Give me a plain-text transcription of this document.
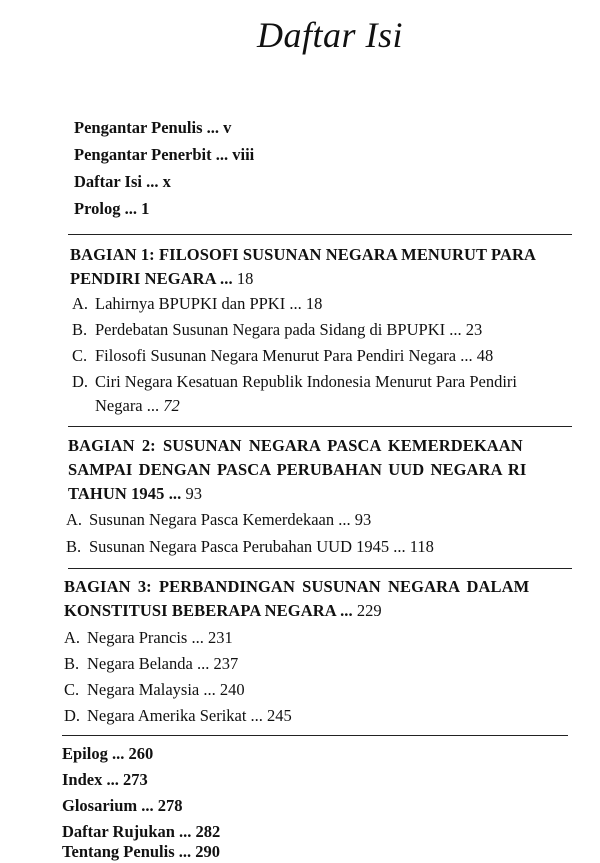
Daftar Isi
Pengantar Penulis ... v
Pengantar Penerbit ... viii
Daftar Isi ... x
Prolog ... 1
BAGIAN 1: FILOSOFI SUSUNAN NEGARA MENURUT PARA
PENDIRI NEGARA ... 18
A. Lahirnya BPUPKI dan PPKI ... 18
B. Perdebatan Susunan Negara pada Sidang di BPUPKI ... 23
C. Filosofi Susunan Negara Menurut Para Pendiri Negara ... 48
D. Ciri Negara Kesatuan Republik Indonesia Menurut Para Pendiri
Negara ... 72
BAGIAN 2: SUSUNAN NEGARA PASCA KEMERDEKAAN
SAMPAI DENGAN PASCA PERUBAHAN UUD NEGARA RI
TAHUN 1945 ... 93
A. Susunan Negara Pasca Kemerdekaan ... 93
B. Susunan Negara Pasca Perubahan UUD 1945 ... 118
BAGIAN 3: PERBANDINGAN SUSUNAN NEGARA DALAM
KONSTITUSI BEBERAPA NEGARA ... 229
A. Negara Prancis ... 231
B. Negara Belanda ... 237
C. Negara Malaysia ... 240
D. Negara Amerika Serikat ... 245
Epilog ... 260
Index ... 273
Glosarium ... 278
Daftar Rujukan ... 282
Tentang Penulis ... 290
